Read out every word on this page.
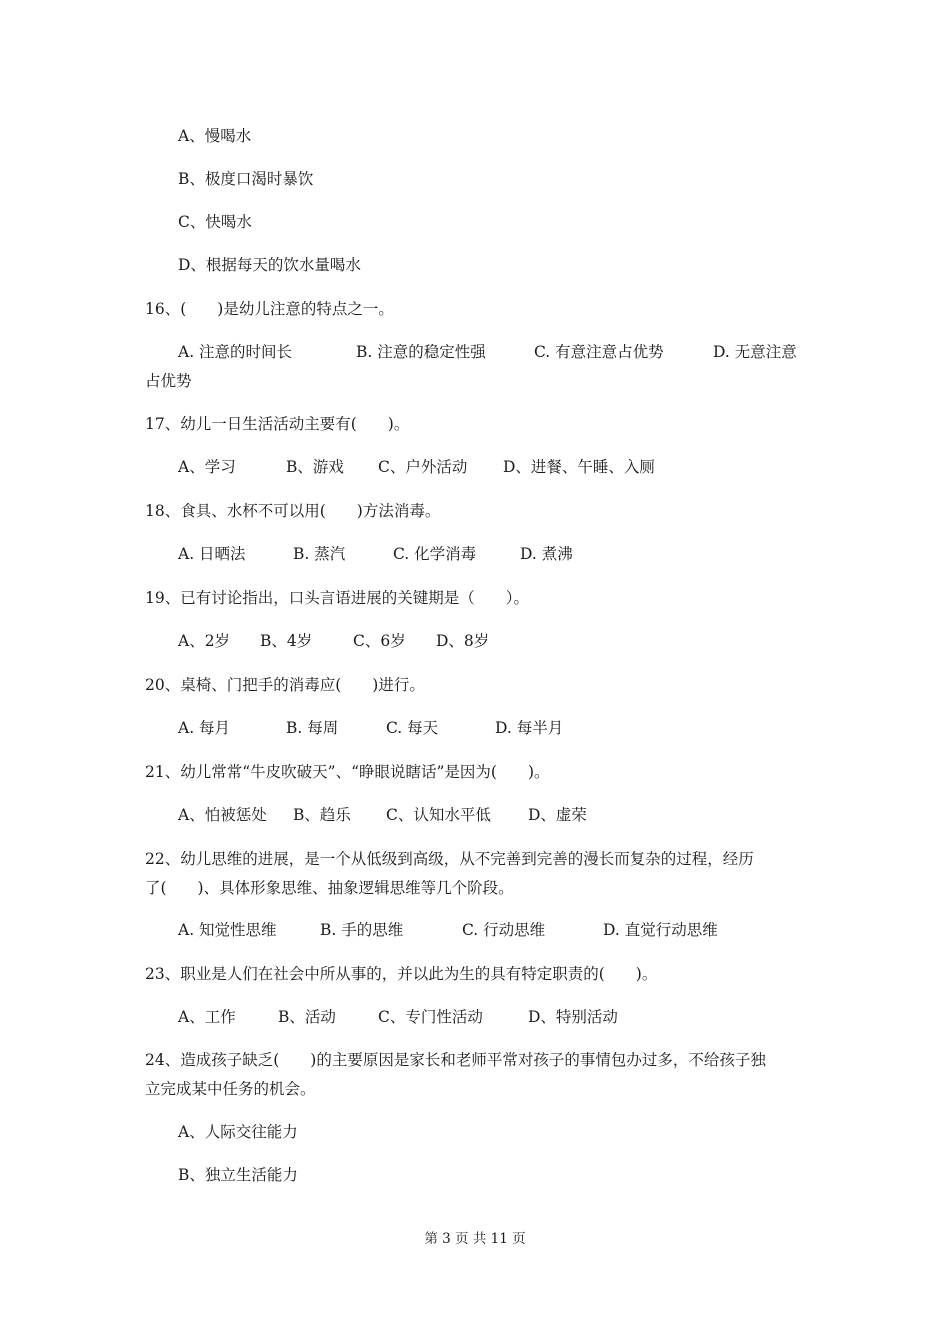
A、慢喝水
B、极度口渴时暴饮
C、快喝水
D、根据每天的饮水量喝水
16、(　　)是幼儿注意的特点之一。
A. 注意的时间长	B. 注意的稳定性强	C. 有意注意占优势	D. 无意注意
占优势
17、幼儿一日生活活动主要有(　　)。
A、学习	B、游戏 C、户外活动 D、进餐、午睡、入厕
18、食具、水杯不可以用(　　)方法消毒。
A. 日晒法	B. 蒸汽	C. 化学消毒	D. 煮沸
19、已有讨论指出，口头言语进展的关键期是（　　）。
A、2岁 B、4岁	C、6岁 D、8岁
20、桌椅、门把手的消毒应(　　)进行。
A. 每月	B. 每周	C. 每天	D. 每半月
21、幼儿常常“牛皮吹破天”、“睁眼说瞎话”是因为(　　)。
A、怕被惩处 B、趋乐 C、认知水平低 D、虚荣
22、幼儿思维的进展，是一个从低级到高级，从不完善到完善的漫长而复杂的过程，经历
了(　　)、具体形象思维、抽象逻辑思维等几个阶段。
A. 知觉性思维	B. 手的思维	C. 行动思维	D. 直觉行动思维
23、职业是人们在社会中所从事的，并以此为生的具有特定职责的(　　)。
A、工作	B、活动	C、专门性活动	D、特别活动
24、造成孩子缺乏(　　)的主要原因是家长和老师平常对孩子的事情包办过多，不给孩子独
立完成某中任务的机会。
A、人际交往能力
B、独立生活能力
第 3 页 共 11 页
